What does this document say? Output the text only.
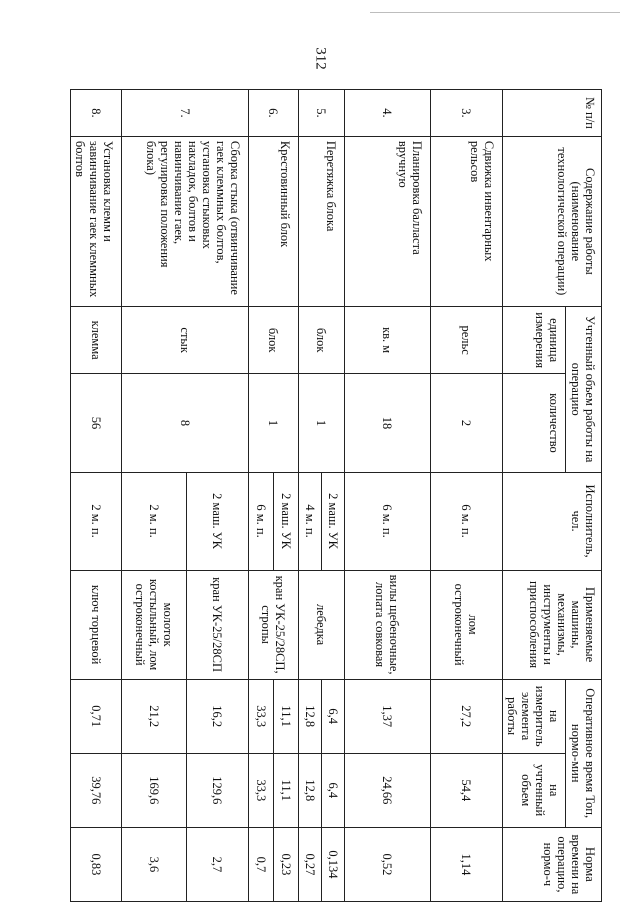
312
№ п/п	Содержание работы (наименование технологической операции)	Учтенный объем работы на операцию		Исполнитель, чел.	Применяемые машины, механизмы, инструменты и приспособления	Оперативное время Топ, нормо-мин		Норма времени на операцию, нормо-ч
		единица измерения	количество			на измеритель элемента работы	на учтенный объем	
3.	Сдвижка инвентарных рельсов	рельс	2	6 м. п.	лом остроконечный	27,2	54,4	1,14
4.	Планировка балласта вручную	кв. м	18	6 м. п.	вилы щебеночные, лопата совковая	1,37	24,66	0,52
5.	Перетяжка блока	блок	1	2 маш. УК	лебедка	6,4	6,4	0,134
				4 м. п.		12,8	12,8	0,27
6.	Крестовинный блок	блок	1	2 маш. УК	кран УК-25/28СП, стропы	11,1	11,1	0,23
				6 м. п.		33,3	33,3	0,7
7.	Сборка стыка (отвинчивание гаек клеммных болтов, установка стыковых накладок, болтов и навинчивание гаек, регулировка положения блока)	стык	8	2 маш. УК	кран УК-25/28СП	16,2	129,6	2,7
				2 м. п.	молоток костыльный, лом остроконечный	21,2	169,6	3,6
8.	Установка клемм и завинчивание гаек клеммных болтов	клемма	56	2 м. п.	ключ торцевой	0,71	39,76	0,83
